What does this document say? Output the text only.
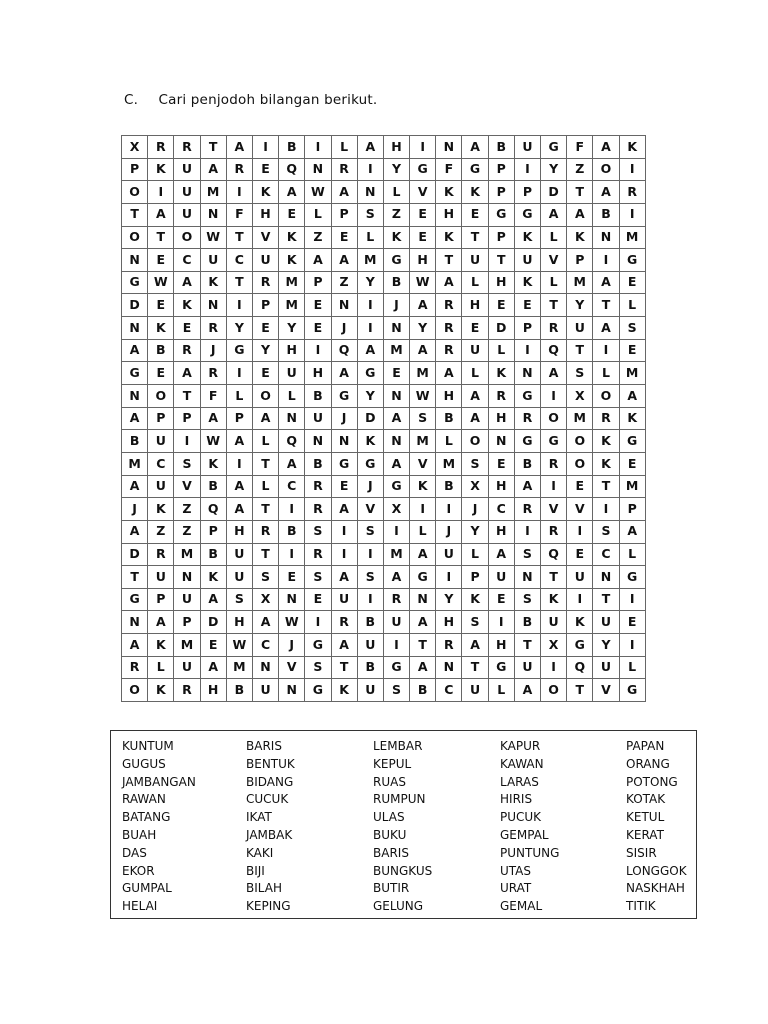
C. Cari penjodoh bilangan berikut.
X	R	R	T	A	I	B	I	L	A	H	I	N	A	B	U	G	F	A	K
P	K	U	A	R	E	Q	N	R	I	Y	G	F	G	P	I	Y	Z	O	I
O	I	U	M	I	K	A	W	A	N	L	V	K	K	P	P	D	T	A	R
T	A	U	N	F	H	E	L	P	S	Z	E	H	E	G	G	A	A	B	I
O	T	O	W	T	V	K	Z	E	L	K	E	K	T	P	K	L	K	N	M
N	E	C	U	C	U	K	A	A	M	G	H	T	U	T	U	V	P	I	G
G	W	A	K	T	R	M	P	Z	Y	B	W	A	L	H	K	L	M	A	E
D	E	K	N	I	P	M	E	N	I	J	A	R	H	E	E	T	Y	T	L
N	K	E	R	Y	E	Y	E	J	I	N	Y	R	E	D	P	R	U	A	S
A	B	R	J	G	Y	H	I	Q	A	M	A	R	U	L	I	Q	T	I	E
G	E	A	R	I	E	U	H	A	G	E	M	A	L	K	N	A	S	L	M
N	O	T	F	L	O	L	B	G	Y	N	W	H	A	R	G	I	X	O	A
A	P	P	A	P	A	N	U	J	D	A	S	B	A	H	R	O	M	R	K
B	U	I	W	A	L	Q	N	N	K	N	M	L	O	N	G	G	O	K	G
M	C	S	K	I	T	A	B	G	G	A	V	M	S	E	B	R	O	K	E
A	U	V	B	A	L	C	R	E	J	G	K	B	X	H	A	I	E	T	M
J	K	Z	Q	A	T	I	R	A	V	X	I	I	J	C	R	V	V	I	P
A	Z	Z	P	H	R	B	S	I	S	I	L	J	Y	H	I	R	I	S	A
D	R	M	B	U	T	I	R	I	I	M	A	U	L	A	S	Q	E	C	L
T	U	N	K	U	S	E	S	A	S	A	G	I	P	U	N	T	U	N	G
G	P	U	A	S	X	N	E	U	I	R	N	Y	K	E	S	K	I	T	I
N	A	P	D	H	A	W	I	R	B	U	A	H	S	I	B	U	K	U	E
A	K	M	E	W	C	J	G	A	U	I	T	R	A	H	T	X	G	Y	I
R	L	U	A	M	N	V	S	T	B	G	A	N	T	G	U	I	Q	U	L
O	K	R	H	B	U	N	G	K	U	S	B	C	U	L	A	O	T	V	G
KUNTUM
GUGUS
JAMBANGAN
RAWAN
BATANG
BUAH
DAS
EKOR
GUMPAL
HELAI
BARIS
BENTUK
BIDANG
CUCUK
IKAT
JAMBAK
KAKI
BIJI
BILAH
KEPING
LEMBAR
KEPUL
RUAS
RUMPUN
ULAS
BUKU
BARIS
BUNGKUS
BUTIR
GELUNG
KAPUR
KAWAN
LARAS
HIRIS
PUCUK
GEMPAL
PUNTUNG
UTAS
URAT
GEMAL
PAPAN
ORANG
POTONG
KOTAK
KETUL
KERAT
SISIR
LONGGOK
NASKHAH
TITIK
